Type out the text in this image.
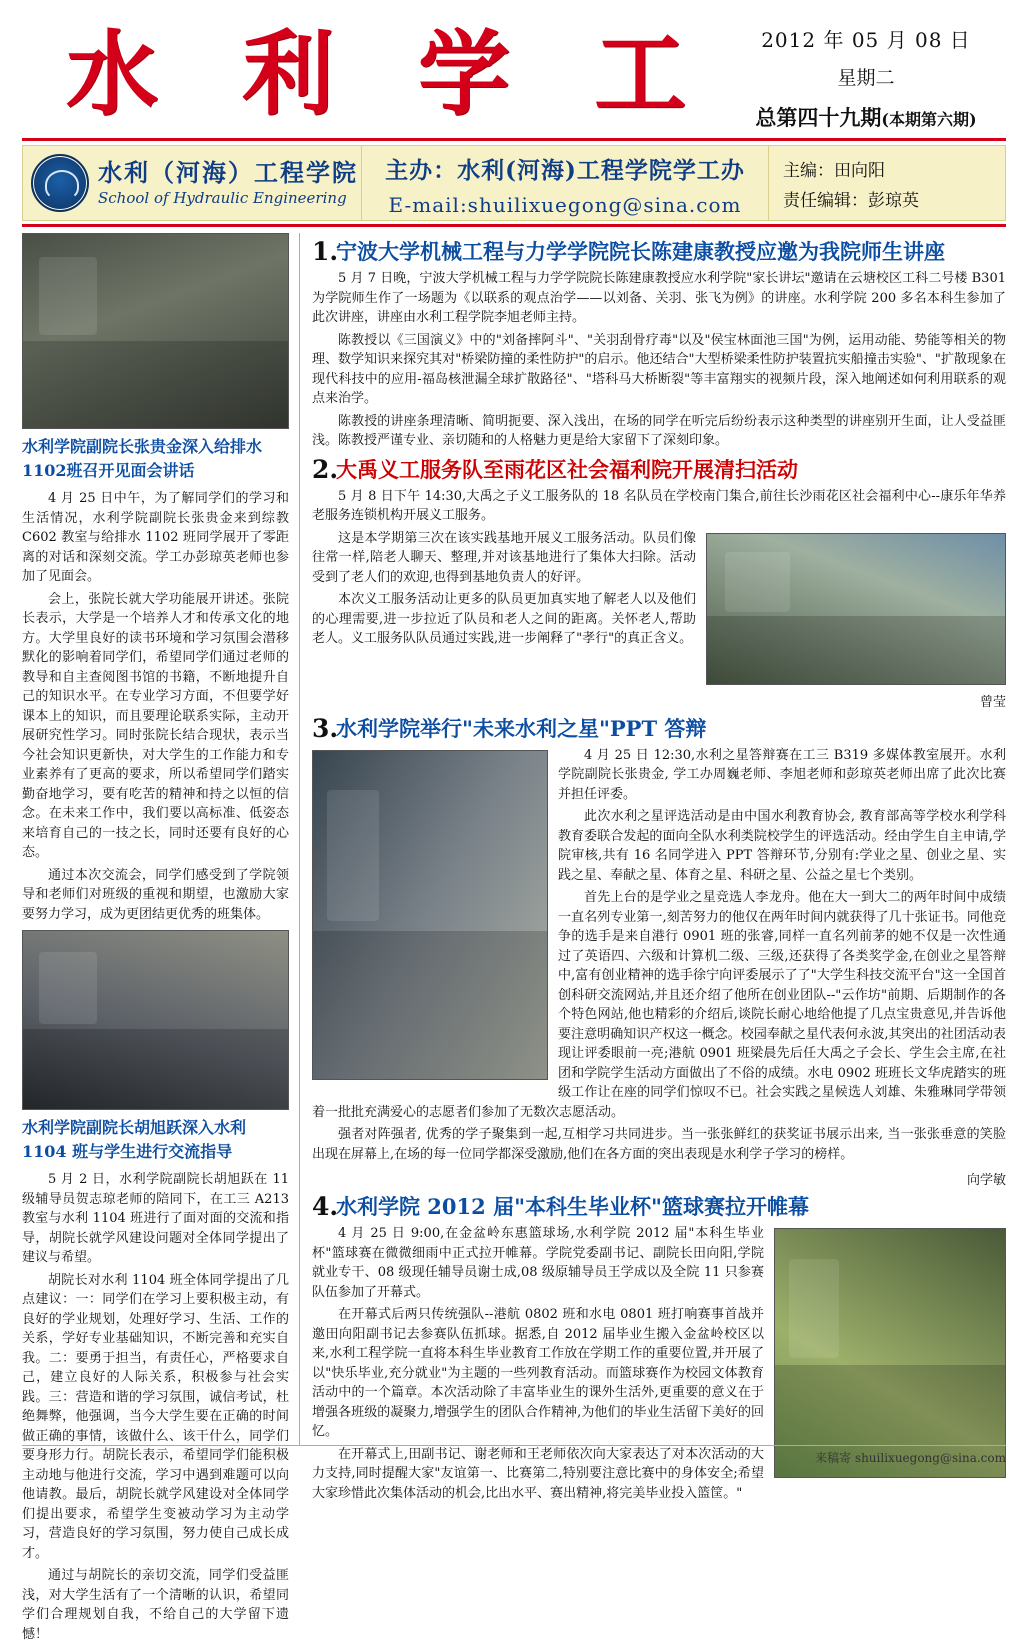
水 利 学 工	2012 年 05 月 08 日
星期二
总第四十九期(本期第六期)
水利（河海）工程学院
School of Hydraulic Engineering
主办：水利(河海)工程学院学工办
E-mail:shuilixuegong@sina.com
主编：田向阳
责任编辑：彭琼英
水利学院副院长张贵金深入给排水1102班召开见面会讲话

4 月 25 日中午，为了解同学们的学习和生活情况，水利学院副院长张贵金来到综教 C602 教室与给排水 1102 班同学展开了零距离的对话和深刻交流。学工办彭琼英老师也参加了见面会。

会上，张院长就大学功能展开讲述。张院长表示，大学是一个培养人才和传承文化的地方。大学里良好的读书环境和学习氛围会潜移默化的影响着同学们，希望同学们通过老师的教导和自主查阅图书馆的书籍，不断地提升自己的知识水平。在专业学习方面，不但要学好课本上的知识，而且要理论联系实际，主动开展研究性学习。同时张院长结合现状，表示当今社会知识更新快，对大学生的工作能力和专业素养有了更高的要求，所以希望同学们踏实勤奋地学习，要有吃苦的精神和持之以恒的信念。在未来工作中，我们要以高标准、低姿态来培育自己的一技之长，同时还要有良好的心态。

通过本次交流会，同学们感受到了学院领导和老师们对班级的重视和期望，也激励大家要努力学习，成为更团结更优秀的班集体。

水利学院副院长胡旭跃深入水利 1104 班与学生进行交流指导

5 月 2 日，水利学院副院长胡旭跃在 11 级辅导员贺志琼老师的陪同下，在工三 A213 教室与水利 1104 班进行了面对面的交流和指导，胡院长就学风建设问题对全体同学提出了建议与希望。

胡院长对水利 1104 班全体同学提出了几点建议：一：同学们在学习上要积极主动，有良好的学业规划，处理好学习、生活、工作的关系，学好专业基础知识，不断完善和充实自我。二：要勇于担当，有责任心，严格要求自己，建立良好的人际关系，积极参与社会实践。三：营造和谐的学习氛围，诚信考试，杜绝舞弊，他强调，当今大学生要在正确的时间做正确的事情，该做什么、该干什么，同学们要身形力行。胡院长表示，希望同学们能积极主动地与他进行交流，学习中遇到难题可以向他请教。最后，胡院长就学风建设对全体同学们提出要求，希望学生变被动学习为主动学习，营造良好的学习氛围，努力使自己成长成才。

通过与胡院长的亲切交流，同学们受益匪浅，对大学生活有了一个清晰的认识，希望同学们合理规划自我，不给自己的大学留下遗憾！

1.
宁波大学机械工程与力学学院院长陈建康教授应邀为我院师生讲座

5 月 7 日晚，宁波大学机械工程与力学学院院长陈建康教授应水利学院"家长讲坛"邀请在云塘校区工科二号楼 B301 为学院师生作了一场题为《以联系的观点治学——以刘备、关羽、张飞为例》的讲座。水利学院 200 多名本科生参加了此次讲座，讲座由水利工程学院李旭老师主持。

陈教授以《三国演义》中的"刘备摔阿斗"、"关羽刮骨疗毒"以及"侯宝林面池三国"为例，运用动能、势能等相关的物理、数学知识来探究其对"桥梁防撞的柔性防护"的启示。他还结合"大型桥梁柔性防护装置抗实船撞击实验"、"扩散现象在现代科技中的应用-福岛核泄漏全球扩散路径"、"塔科马大桥断裂"等丰富翔实的视频片段，深入地阐述如何利用联系的观点来治学。

陈教授的讲座条理清晰、简明扼要、深入浅出，在场的同学在听完后纷纷表示这种类型的讲座别开生面，让人受益匪浅。陈教授严谨专业、亲切随和的人格魅力更是给大家留下了深刻印象。

2.
大禹义工服务队至雨花区社会福利院开展清扫活动

5 月 8 日下午 14:30,大禹之子义工服务队的 18 名队员在学校南门集合,前往长沙雨花区社会福利中心--康乐年华养老服务连锁机构开展义工服务。

这是本学期第三次在该实践基地开展义工服务活动。队员们像往常一样,陪老人聊天、整理,并对该基地进行了集体大扫除。活动受到了老人们的欢迎,也得到基地负责人的好评。

本次义工服务活动让更多的队员更加真实地了解老人以及他们的心理需要,进一步拉近了队员和老人之间的距离。关怀老人,帮助老人。义工服务队队员通过实践,进一步阐释了"孝行"的真正含义。

曾莹
3.
水利学院举行"未来水利之星"PPT 答辩

4 月 25 日 12:30,水利之星答辩赛在工三 B319 多媒体教室展开。水利学院副院长张贵金, 学工办周巍老师、李旭老师和彭琼英老师出席了此次比赛并担任评委。

此次水利之星评选活动是由中国水利教育协会, 教育部高等学校水利学科教育委联合发起的面向全队水利类院校学生的评选活动。经由学生自主申请,学院审核,共有 16 名同学进入 PPT 答辩环节,分别有:学业之星、创业之星、实践之星、奉献之星、体育之星、科研之星、公益之星七个类别。

首先上台的是学业之星竞选人李龙舟。他在大一到大二的两年时间中成绩一直名列专业第一,刻苦努力的他仅在两年时间内就获得了几十张证书。同他竞争的选手是来自港行 0901 班的张睿,同样一直名列前茅的她不仅是一次性通过了英语四、六级和计算机二级、三级,还获得了各类奖学金,在创业之星答辩中,富有创业精神的选手徐宁向评委展示了了"大学生科技交流平台"这一全国首创科研交流网站,并且还介绍了他所在创业团队--"云作坊"前期、后期制作的各个特色网站,他也精彩的介绍后,谈院长耐心地给他提了几点宝贵意见,并告诉他要注意明确知识产权这一概念。校园奉献之星代表何永波,其突出的社团活动表现让评委眼前一亮;港航 0901 班梁晨先后任大禹之子会长、学生会主席,在社团和学院学生活动方面做出了不俗的成绩。水电 0902 班班长文华虎踏实的班级工作让在座的同学们惊叹不已。社会实践之星候选人刘雄、朱雅琳同学带领着一批批充满爱心的志愿者们参加了无数次志愿活动。

强者对阵强者, 优秀的学子聚集到一起,互相学习共同进步。当一张张鲜红的获奖证书展示出来, 当一张张垂意的笑脸出现在屏幕上,在场的每一位同学都深受激励,他们在各方面的突出表现是水利学子学习的榜样。

向学敏
4.
水利学院 2012 届"本科生毕业杯"篮球赛拉开帷幕

4 月 25 日 9:00,在金盆岭东惠篮球场,水利学院 2012 届"本科生毕业杯"篮球赛在微微细雨中正式拉开帷幕。学院党委副书记、副院长田向阳,学院就业专干、08 级现任辅导员谢士成,08 级原辅导员王学成以及全院 11 只参赛队伍参加了开幕式。

在开幕式后两只传统强队--港航 0802 班和水电 0801 班打响赛事首战并邀田向阳副书记去参赛队伍抓球。据悉,自 2012 届毕业生搬入金盆岭校区以来,水利工程学院一直将本科生毕业教育工作放在学期工作的重要位置,并开展了以"快乐毕业,充分就业"为主题的一些列教育活动。而篮球赛作为校园文体教育活动中的一个篇章。本次活动除了丰富毕业生的课外生活外,更重要的意义在于增强各班级的凝聚力,增强学生的团队合作精神,为他们的毕业生活留下美好的回忆。

在开幕式上,田副书记、谢老师和王老师依次向大家表达了对本次活动的大力支持,同时提醒大家"友谊第一、比赛第二,特别要注意比赛中的身体安全;希望大家珍惜此次集体活动的机会,比出水平、赛出精神,将完美毕业投入篮筐。"

来稿寄 shuilixuegong@sina.com
